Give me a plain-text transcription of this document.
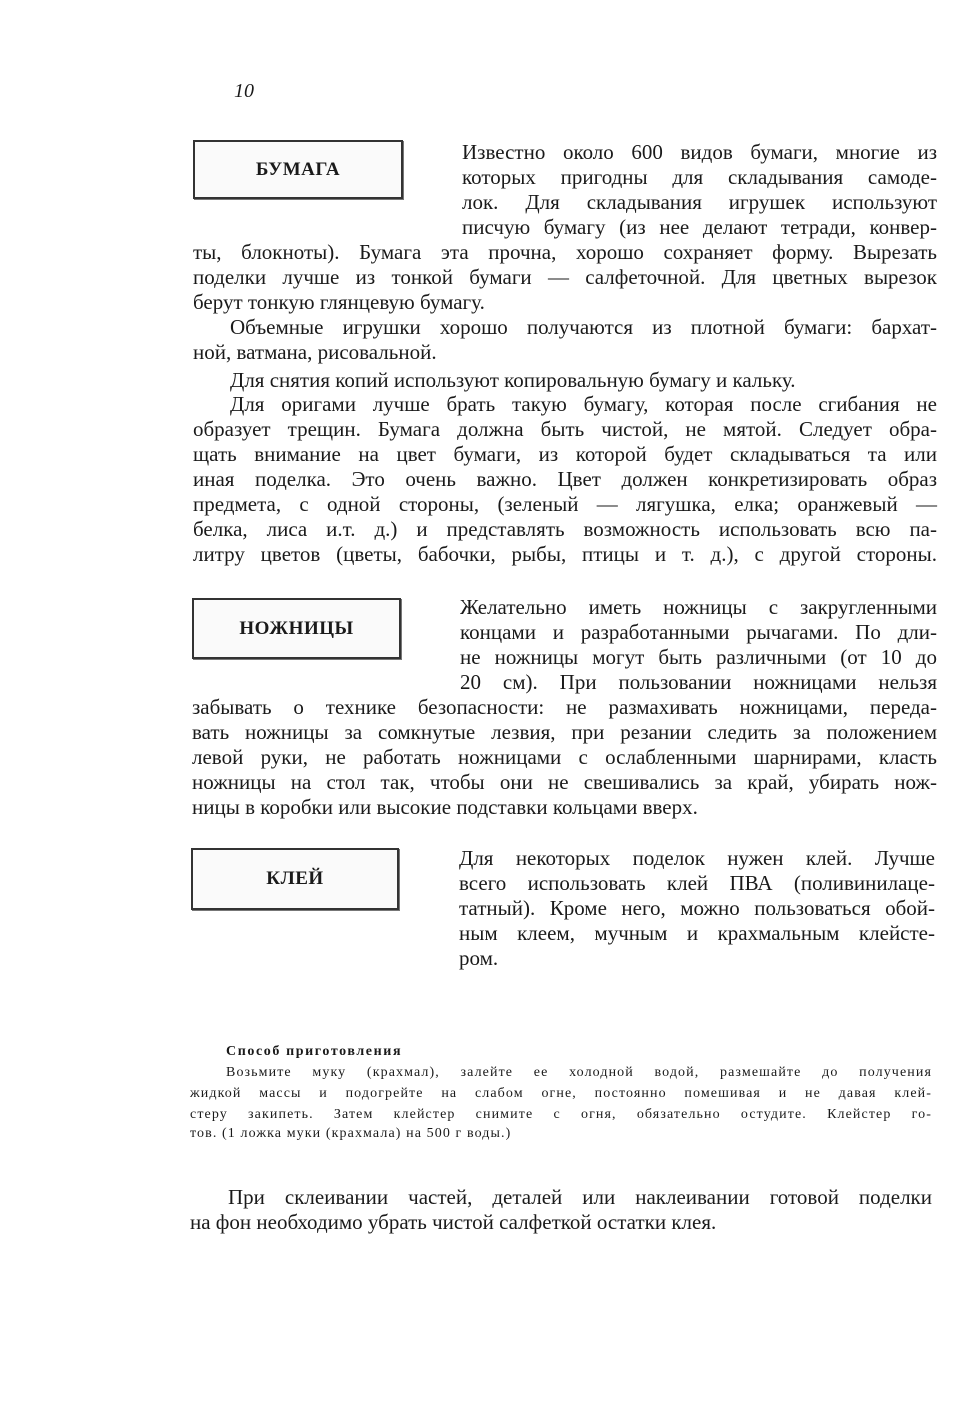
10
БУМАГА
НОЖНИЦЫ
КЛЕЙ
Известно около 600 видов бумаги, многие из
которых пригодны для складывания самоде-
лок. Для складывания игрушек используют
писчую бумагу (из нее делают тетради, конвер-
ты, блокноты). Бумага эта прочна, хорошо сохраняет форму. Вырезать
поделки лучше из тонкой бумаги — салфеточной. Для цветных вырезок
берут тонкую глянцевую бумагу.
Объемные игрушки хорошо получаются из плотной бумаги: бархат-
ной, ватмана, рисовальной.
Для снятия копий используют копировальную бумагу и кальку.
Для оригами лучше брать такую бумагу, которая после сгибания не
образует трещин. Бумага должна быть чистой, не мятой. Следует обра-
щать внимание на цвет бумаги, из которой будет складываться та или
иная поделка. Это очень важно. Цвет должен конкретизировать образ
предмета, с одной стороны, (зеленый — лягушка, елка; оранжевый —
белка, лиса и.т. д.) и представлять возможность использовать всю па-
литру цветов (цветы, бабочки, рыбы, птицы и т. д.), с другой стороны.
Желательно иметь ножницы с закругленными
концами и разработанными рычагами. По дли-
не ножницы могут быть различными (от 10 до
20 см). При пользовании ножницами нельзя
забывать о технике безопасности: не размахивать ножницами, переда-
вать ножницы за сомкнутые лезвия, при резании следить за положением
левой руки, не работать ножницами с ослабленными шарнирами, класть
ножницы на стол так, чтобы они не свешивались за край, убирать нож-
ницы в коробки или высокие подставки кольцами вверх.
Для некоторых поделок нужен клей. Лучше
всего использовать клей ПВА (поливинилаце-
татный). Кроме него, можно пользоваться обой-
ным клеем, мучным и крахмальным клейсте-
ром.
Возьмите муку (крахмал), залейте ее холодной водой, размешайте до получения
жидкой массы и подогрейте на слабом огне, постоянно помешивая и не давая клей-
стеру закипеть. Затем клейстер снимите с огня, обязательно остудите. Клейстер го-
тов. (1 ложка муки (крахмала) на 500 г воды.)
При склеивании частей, деталей или наклеивании готовой поделки
на фон необходимо убрать чистой салфеткой остатки клея.
Способ приготовления
